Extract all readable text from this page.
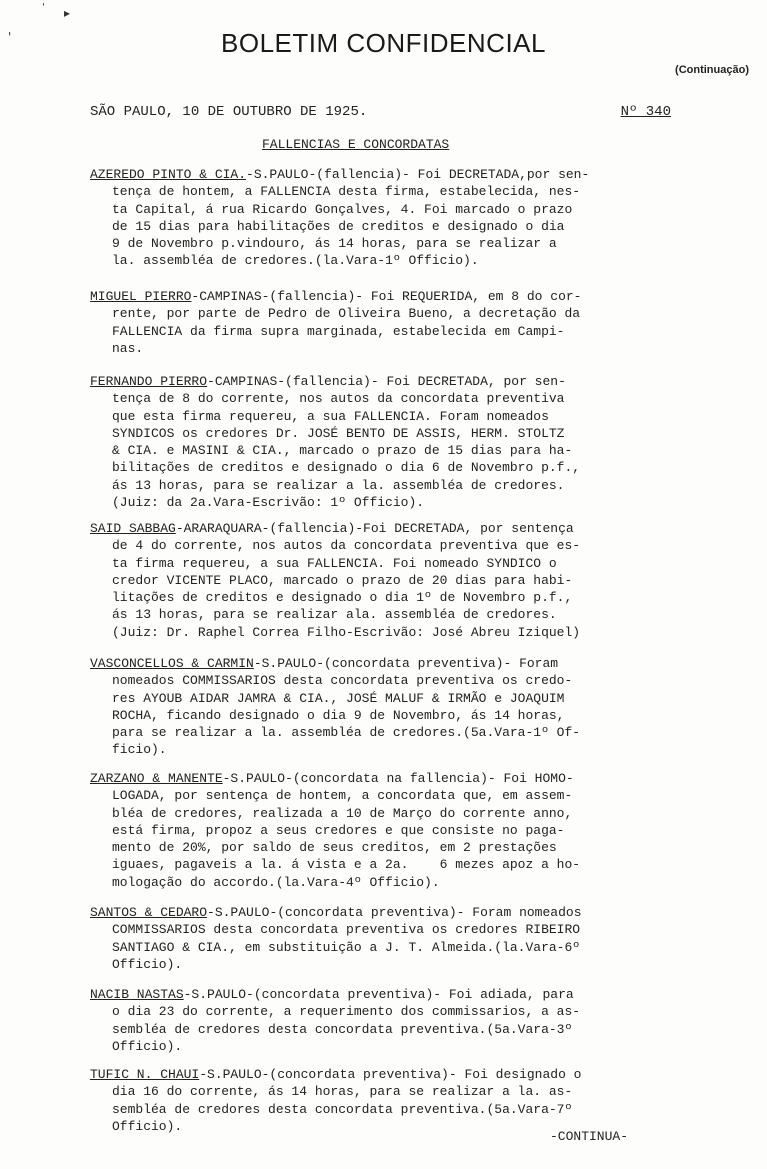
' ▸
'	BOLETIM CONFIDENCIAL
(Continuação)
SÃO PAULO, 10 DE OUTUBRO DE 1925.	Nº 340
FALLENCIAS E CONCORDATAS
AZEREDO PINTO & CIA.-S.PAULO-(fallencia)- Foi DECRETADA,por sen-
tença de hontem, a FALLENCIA desta firma, estabelecida, nes-
ta Capital, á rua Ricardo Gonçalves, 4. Foi marcado o prazo
de 15 dias para habilitações de creditos e designado o dia
9 de Novembro p.vindouro, ás 14 horas, para se realizar a
la. assembléa de credores.(la.Vara-1º Officio).
MIGUEL PIERRO-CAMPINAS-(fallencia)- Foi REQUERIDA, em 8 do cor-
rente, por parte de Pedro de Oliveira Bueno, a decretação da
FALLENCIA da firma supra marginada, estabelecida em Campi-
nas.
FERNANDO PIERRO-CAMPINAS-(fallencia)- Foi DECRETADA, por sen-
tença de 8 do corrente, nos autos da concordata preventiva
que esta firma requereu, a sua FALLENCIA. Foram nomeados
SYNDICOS os credores Dr. JOSÉ BENTO DE ASSIS, HERM. STOLTZ
& CIA. e MASINI & CIA., marcado o prazo de 15 dias para ha-
bilitações de creditos e designado o dia 6 de Novembro p.f.,
ás 13 horas, para se realizar a la. assembléa de credores.
(Juiz: da 2a.Vara-Escrivão: 1º Officio).
SAID SABBAG-ARARAQUARA-(fallencia)-Foi DECRETADA, por sentença
de 4 do corrente, nos autos da concordata preventiva que es-
ta firma requereu, a sua FALLENCIA. Foi nomeado SYNDICO o
credor VICENTE PLACO, marcado o prazo de 20 dias para habi-
litações de creditos e designado o dia 1º de Novembro p.f.,
ás 13 horas, para se realizar ala. assembléa de credores.
(Juiz: Dr. Raphel Correa Filho-Escrivão: José Abreu Iziquel)
VASCONCELLOS & CARMIN-S.PAULO-(concordata preventiva)- Foram
nomeados COMMISSARIOS desta concordata preventiva os credo-
res AYOUB AIDAR JAMRA & CIA., JOSÉ MALUF & IRMÃO e JOAQUIM
ROCHA, ficando designado o dia 9 de Novembro, ás 14 horas,
para se realizar a la. assembléa de credores.(5a.Vara-1º Of-
ficio).
ZARZANO & MANENTE-S.PAULO-(concordata na fallencia)- Foi HOMO-
LOGADA, por sentença de hontem, a concordata que, em assem-
bléa de credores, realizada a 10 de Março do corrente anno,
está firma, propoz a seus credores e que consiste no paga-
mento de 20%, por saldo de seus creditos, em 2 prestações
iguaes, pagaveis a la. á vista e a 2a.    6 mezes apoz a ho-
mologação do accordo.(la.Vara-4º Officio).
SANTOS & CEDARO-S.PAULO-(concordata preventiva)- Foram nomeados
COMMISSARIOS desta concordata preventiva os credores RIBEIRO
SANTIAGO & CIA., em substituição a J. T. Almeida.(la.Vara-6º
Officio).
NACIB NASTAS-S.PAULO-(concordata preventiva)- Foi adiada, para
o dia 23 do corrente, a requerimento dos commissarios, a as-
sembléa de credores desta concordata preventiva.(5a.Vara-3º
Officio).
TUFIC N. CHAUI-S.PAULO-(concordata preventiva)- Foi designado o
dia 16 do corrente, ás 14 horas, para se realizar a la. as-
sembléa de credores desta concordata preventiva.(5a.Vara-7º
Officio).
-CONTINUA-
